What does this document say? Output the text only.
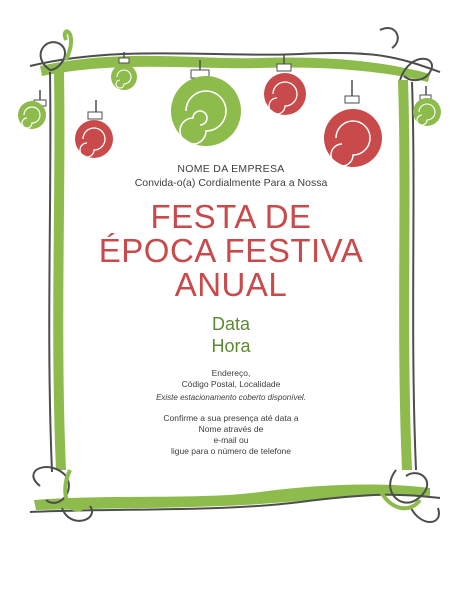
NOME DA EMPRESA
Convida-o(a) Cordialmente Para a Nossa
FESTA DE
ÉPOCA FESTIVA
ANUAL
Data
Hora
Endereço,
Código Postal, Localidade
Existe estacionamento coberto disponível.
Confirme a sua presença até data a
Nome através de
e-mail ou
ligue para o número de telefone
